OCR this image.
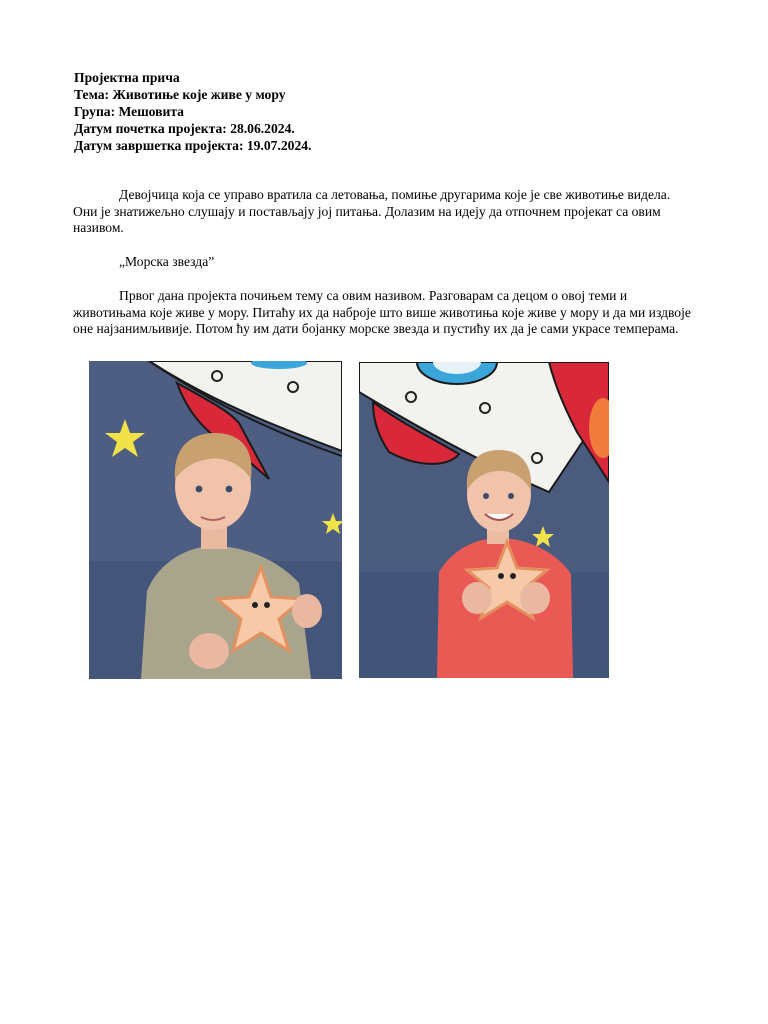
Пројектна прича
Тема: Животиње које живе у мору
Група: Мешовита
Датум почетка пројекта: 28.06.2024.
Датум завршетка пројекта: 19.07.2024.

Девојчица која се управо вратила са летовања, помиње другарима које је све животиње видела. Они је знатижељно слушају и постављају јој питања. Долазим на идеју да отпочнем пројекат са овим називом.

„Морска звезда”

Првог дана пројекта почињем тему са овим називом. Разговарам са децом о овој теми и животињама које живе у мору. Питаћу их да наброје што више животиња које живе у мору и да ми издвоје оне најзанимљивије. Потом ћу им дати бојанку морске звезда и пустићу их да је сами украсе темперама.
